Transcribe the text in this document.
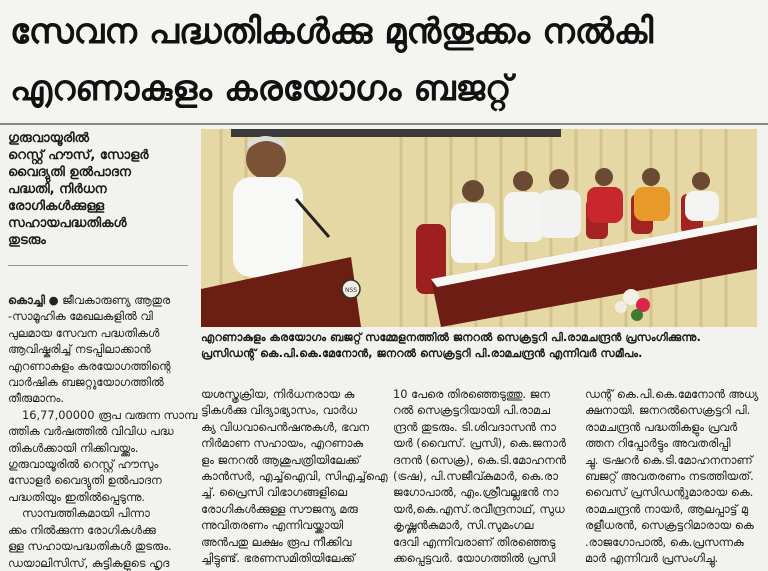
സേവന പദ്ധതികൾക്കു മുൻതൂക്കം നൽകി
എറണാകുളം കരയോഗം ബജറ്റ്
ഗുരുവായൂരിൽ
റെസ്റ്റ് ഹൗസ്, സോളർ
വൈദ്യുതി ഉൽപാദന
പദ്ധതി, നിർധന
രോഗികൾക്കുള്ള
സഹായപദ്ധതികൾ
തുടരും
NSS
എറണാകുളം കരയോഗം ബജറ്റ് സമ്മേളനത്തിൽ ജനറൽ സെക്രട്ടറി പി.രാമചന്ദ്രൻ പ്രസംഗിക്കുന്നു.
പ്രസിഡന്റ് കെ.പി.കെ.മേനോൻ, ജനറൽ സെക്രട്ടറി പി.രാമചന്ദ്രൻ എന്നിവർ സമീപം.
കൊച്ചി ● ജീവകാരുണ്യ ആതുര
-സാമൂഹിക മേഖലകളിൽ വി
പുലമായ സേവന പദ്ധതികൾ
ആവിഷ്കരിച്ച് നടപ്പിലാക്കാൻ
എറണാകുളം കരയോഗത്തിന്റെ
വാർഷിക ബജറ്റുയോഗത്തിൽ
തീരുമാനം.
16,77,00000 രൂപ വരുന്ന സാമ്പ
ത്തിക വർഷത്തിൽ വിവിധ പദ്ധ
തികൾക്കായി നിക്കിവയ്ക്കും.
ഗുരുവായൂരിൽ റെസ്റ്റ് ഹൗസും
സോളർ വൈദ്യുതി ഉൽപാദന
പദ്ധതിയും ഇതിൽപ്പെടുന്നു.
സാമ്പത്തികമായി പിന്നാ
ക്കം നിൽക്കുന്ന രോഗികൾക്കു
ള്ള സഹായപദ്ധതികൾ തുടരും.
ഡയാലിസിസ്, കുട്ടികളുടെ ഹൃദ
യശസ്ത്രക്രിയ, നിർധനരായ കു
ട്ടികൾക്കു വിദ്യാഭ്യാസം, വാർധ
ക്യ വിധവാപെൻഷനുകൾ, ഭവന
നിർമാണ സഹായം, എറണാകു
ളം ജനറൽ ആശുപത്രിയിലേക്ക്
കാൻസർ, എച്ച്ഐവി, സിഎച്ച്ഐ
ച്ച്. പ്രൈസി വിഭാഗങ്ങളിലെ
രോഗികൾക്കുള്ള സൗജന്യ മരു
ന്നുവിതരണം എന്നിവയ്ക്കായി
അൻപതു ലക്ഷം രൂപ നീക്കിവ
ച്ചിട്ടുണ്ട്. ഭരണസമിതിയിലേക്ക്
10 പേരെ തിരഞ്ഞെടുത്തു. ജന
റൽ സെക്രട്ടറിയായി പി.രാമച
ന്ദ്രൻ തുടരും. ടി.ശിവദാസൻ നാ
യർ (വൈസ്. പ്രസി), കെ.ജനാർ
ദനൻ (സെക്ര), കെ.ടി.മോഹനൻ
(ട്രഷ), പി.സജീവ്കുമാർ, കെ.രാ
ജഗോപാൽ, എം.ശ്രീവല്ലഭൻ നാ
യർ,കെ.എസ്.രവീന്ദ്രനാഥ്, സുധ
കൃഷ്ണൻകുമാർ, സി.സുമംഗല
ദേവി എന്നിവരാണ് തിരഞ്ഞെടു
ക്കപ്പെട്ടവർ. യോഗത്തിൽ പ്രസി
ഡന്റ് കെ.പി.കെ.മേനോൻ അധ്യ
ക്ഷനായി. ജനറൽസെക്രട്ടറി പി.
രാമചന്ദ്രൻ പദ്ധതികളും പ്രവർ
ത്തന റിപ്പോർട്ടും അവതരിപ്പി
ച്ചു. ട്രഷറർ കെ.ടി.മോഹനനാണ്
ബജറ്റ് അവതരണം നടത്തിയത്.
വൈസ് പ്രസിഡന്റുമാരായ കെ.
രാമചന്ദ്രൻ നായർ, ആലപ്പാട്ട് മു
രളീധരൻ, സെക്രട്ടറിമാരായ കെ
.രാജഗോപാൽ, കെ.പ്രസന്നകു
മാർ എന്നിവർ പ്രസംഗിച്ചു.
